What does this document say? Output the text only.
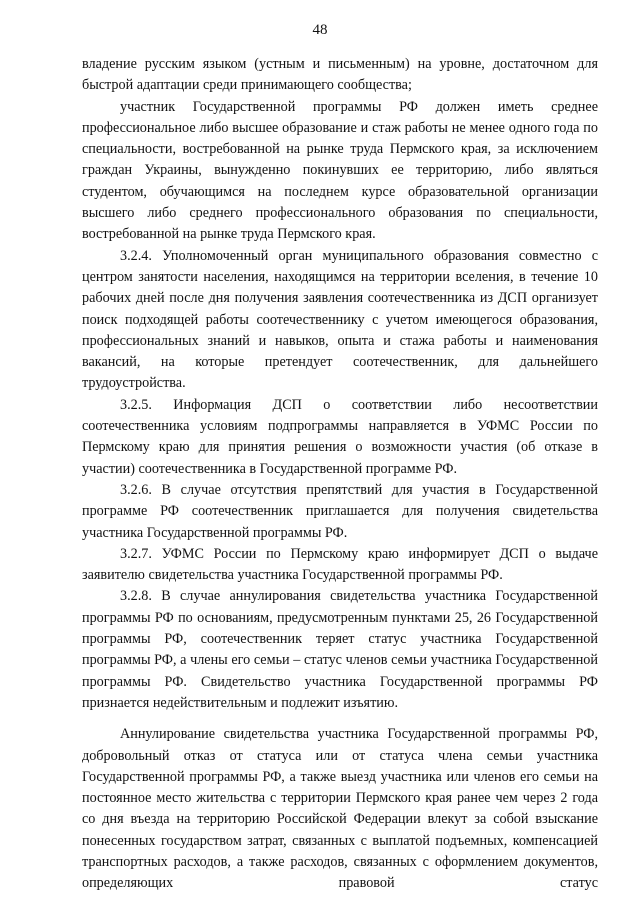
48

владение русским языком (устным и письменным) на уровне, достаточном для быстрой адаптации среди принимающего сообщества;

участник Государственной программы РФ должен иметь среднее профессиональное либо высшее образование и стаж работы не менее одного года по специальности, востребованной на рынке труда Пермского края, за исключением граждан Украины, вынужденно покинувших ее территорию, либо являться студентом, обучающимся на последнем курсе образовательной организации высшего либо среднего профессионального образования по специальности, востребованной на рынке труда Пермского края.

3.2.4. Уполномоченный орган муниципального образования совместно с центром занятости населения, находящимся на территории вселения, в течение 10 рабочих дней после дня получения заявления соотечественника из ДСП организует поиск подходящей работы соотечественнику с учетом имеющегося образования, профессиональных знаний и навыков, опыта и стажа работы и наименования вакансий, на которые претендует соотечественник, для дальнейшего трудоустройства.

3.2.5. Информация ДСП о соответствии либо несоответствии соотечественника условиям подпрограммы направляется в УФМС России по Пермскому краю для принятия решения о возможности участия (об отказе в участии) соотечественника в Государственной программе РФ.

3.2.6. В случае отсутствия препятствий для участия в Государственной программе РФ соотечественник приглашается для получения свидетельства участника Государственной программы РФ.

3.2.7. УФМС России по Пермскому краю информирует ДСП о выдаче заявителю свидетельства участника Государственной программы РФ.

3.2.8. В случае аннулирования свидетельства участника Государственной программы РФ по основаниям, предусмотренным пунктами 25, 26 Государственной программы РФ, соотечественник теряет статус участника Государственной программы РФ, а члены его семьи – статус членов семьи участника Государственной программы РФ. Свидетельство участника Государственной программы РФ признается недействительным и подлежит изъятию.

Аннулирование свидетельства участника Государственной программы РФ, добровольный отказ от статуса или от статуса члена семьи участника Государственной программы РФ, а также выезд участника или членов его семьи на постоянное место жительства с территории Пермского края ранее чем через 2 года со дня въезда на территорию Российской Федерации влекут за собой взыскание понесенных государством затрат, связанных с выплатой подъемных, компенсацией транспортных расходов, а также расходов, связанных с оформлением документов, определяющих правовой статус
